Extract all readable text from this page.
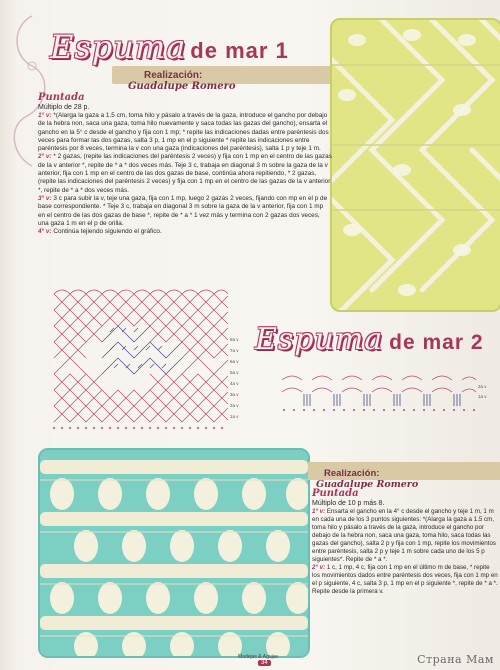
Espuma de mar 1
Realización:
Guadalupe Romero
Puntada
Múltiplo de 28 p.
1° v: *(Alarga la gaza a 1.5 cm, toma hilo y pásalo a través de la gaza, introduce el gancho por debajo de la hebra non, saca una gaza, toma hilo nuevamente y saca todas las gazas del gancho), ensarta el gancho en la 5° c desde el gancho y fija con 1 mp; * repite las indicaciones dadas entre paréntesis dos veces para formar las dos gazas, salta 3 p, 1 mp en el p siguiente * repite las indicaciones entre paréntesis por 8 veces, termina la v con una gaza (indicaciones del paréntesis), salta 1 p y teje 1 m.
2° v: * 2 gazas, (repite las indicaciones del paréntesis 2 veces) y fija con 1 mp en el centro de las gazas de la v anterior *, repite de * a * dos veces más. Teje 3 c, trabaja en diagonal 3 m sobre la gaza de la v anterior, fija con 1 mp en el centro de las dos gazas de base, continúa ahora repitiendo, * 2 gazas, (repite las indicaciones del paréntesis 2 veces) y fija con 1 mp en el centro de las gazas de la v anterior *, repite de * a * dos veces más.
3° v: 3 c para subir la v, teje una gaza, fija con 1 mp, luego 2 gazas 2 veces, fijando con mp en el p de base correspondiente. * Teje 3 c, trabaja en diagonal 3 m sobre la gaza de la v anterior, fija con 1 mp en el centro de las dos gazas de base *, repite de * a * 1 vez más y termina con 2 gazas dos veces, una gaza 1 m en el p de orilla.
4° v: Continúa tejiendo siguiendo el gráfico.
8a v
7a v
6a v
5a v
4a v
3a v
2a v
1a v
Espuma de mar 2
2a v
1a v
Realización:
Guadalupe Romero
Puntada
Múltiplo de 10 p más 8.
1° v: Ensarta el gancho en la 4° c desde el gancho y teje 1 m, 1 m en cada una de los 3 puntos siguientes: *(Alarga la gaza a 1.5 cm, toma hilo y pásalo a través de la gaza, introduce el gancho por debajo de la hebra non, saca una gaza, toma hilo, saca todas las gazas del gancho), salta 2 p y fija con 1 mp, repite los movimientos entre paréntesis, salta 2 p y teje 1 m sobre cada uno de los 5 p siguientes*. Repite de * a *.
2° v: 1 c, 1 mp, 4 c, fija con 1 mp en el último m de base, * repite los movimientos dados entre paréntesis dos veces, fija con 1 mp en el p siguiente, 4 c, salta 3 p, 1 mp en el p siguiente *, repite de * a *. Repite desde la primera v.
Madejas & Agujas
34	Страна Мам
